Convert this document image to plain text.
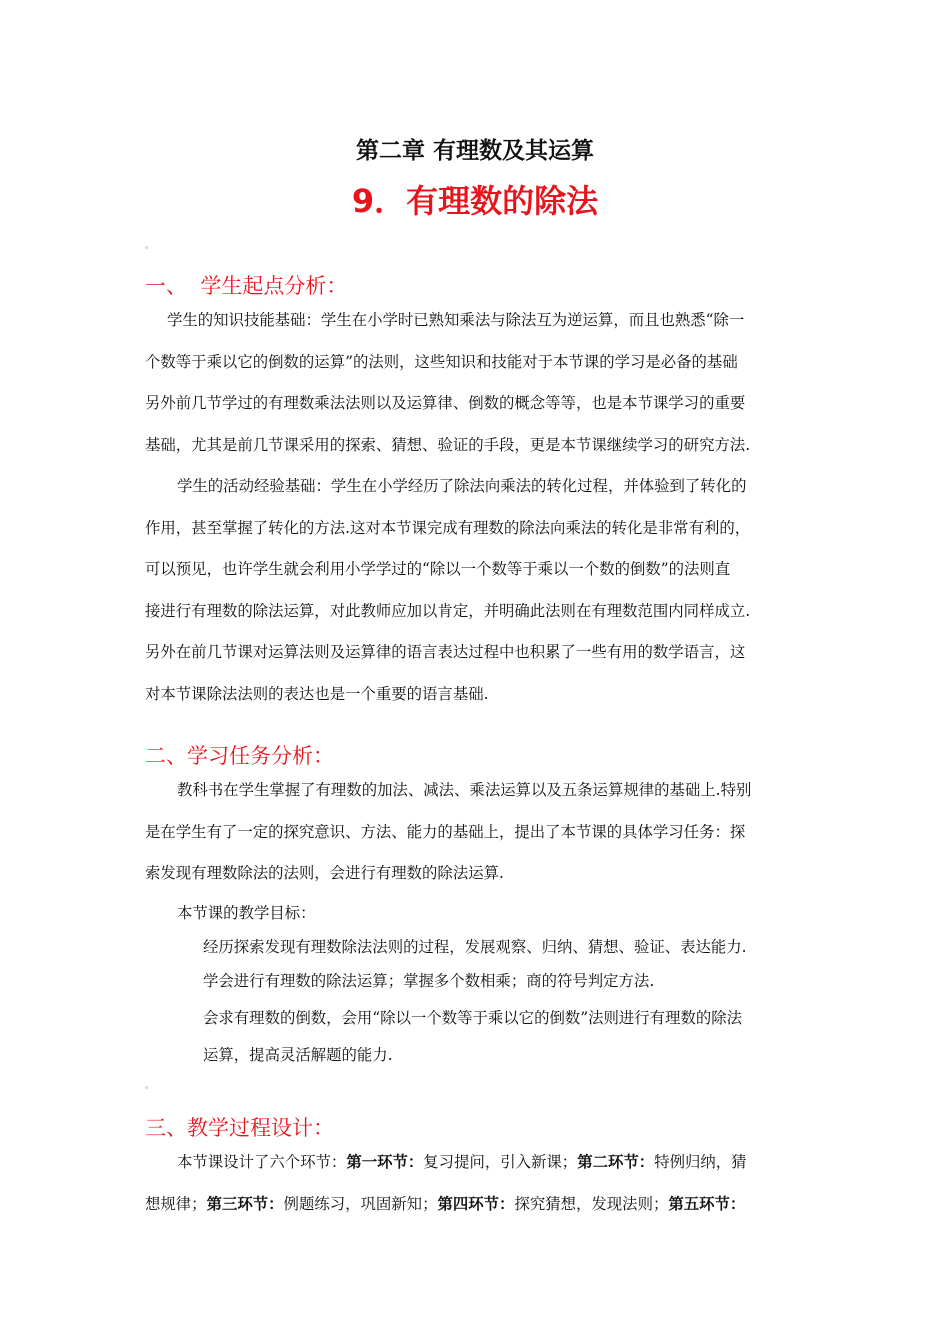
第二章 有理数及其运算
9．有理数的除法
一、  学生起点分析：
学生的知识技能基础：学生在小学时已熟知乘法与除法互为逆运算，而且也熟悉“除一
个数等于乘以它的倒数的运算”的法则，这些知识和技能对于本节课的学习是必备的基础
另外前几节学过的有理数乘法法则以及运算律、倒数的概念等等，也是本节课学习的重要
基础，尤其是前几节课采用的探索、猜想、验证的手段，更是本节课继续学习的研究方法.
学生的活动经验基础：学生在小学经历了除法向乘法的转化过程，并体验到了转化的
作用，甚至掌握了转化的方法.这对本节课完成有理数的除法向乘法的转化是非常有利的，
可以预见，也许学生就会利用小学学过的“除以一个数等于乘以一个数的倒数”的法则直
接进行有理数的除法运算，对此教师应加以肯定，并明确此法则在有理数范围内同样成立.
另外在前几节课对运算法则及运算律的语言表达过程中也积累了一些有用的数学语言，这
对本节课除法法则的表达也是一个重要的语言基础.
二、学习任务分析：
教科书在学生掌握了有理数的加法、减法、乘法运算以及五条运算规律的基础上.特别
是在学生有了一定的探究意识、方法、能力的基础上，提出了本节课的具体学习任务：探
索发现有理数除法的法则，会进行有理数的除法运算.
本节课的教学目标：
经历探索发现有理数除法法则的过程，发展观察、归纳、猜想、验证、表达能力.
学会进行有理数的除法运算；掌握多个数相乘；商的符号判定方法.
会求有理数的倒数，会用“除以一个数等于乘以它的倒数”法则进行有理数的除法
运算，提高灵活解题的能力.
三、教学过程设计：
本节课设计了六个环节：第一环节：复习提问，引入新课；第二环节：特例归纳，猜
想规律；第三环节：例题练习，巩固新知；第四环节：探究猜想，发现法则；第五环节：
